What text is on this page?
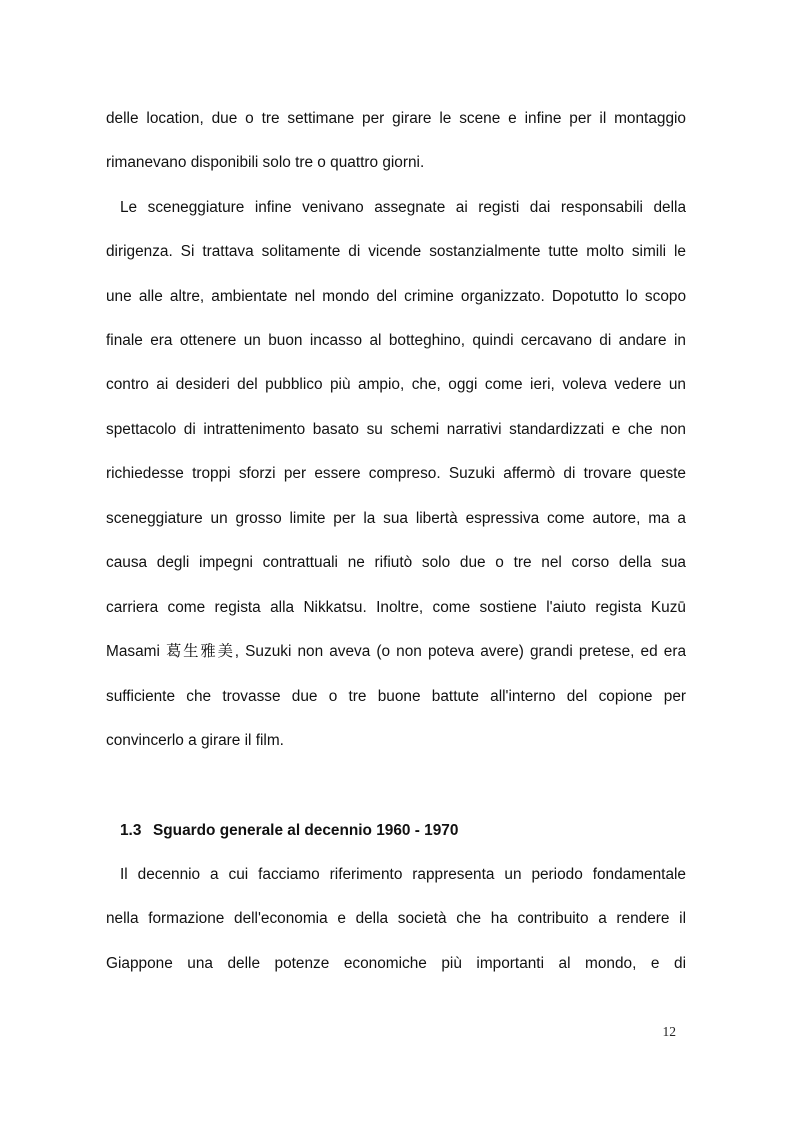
delle location, due o tre settimane per girare le scene e infine per il montaggio
rimanevano disponibili solo tre o quattro giorni.
Le sceneggiature infine venivano assegnate ai registi dai responsabili della
dirigenza. Si trattava solitamente di vicende sostanzialmente tutte molto simili le
une alle altre, ambientate nel mondo del crimine organizzato. Dopotutto lo scopo
finale era ottenere un buon incasso al botteghino, quindi cercavano di andare in
contro ai desideri del pubblico più ampio, che, oggi come ieri, voleva vedere un
spettacolo di intrattenimento basato su schemi narrativi standardizzati e che non
richiedesse troppi sforzi per essere compreso. Suzuki affermò di trovare queste
sceneggiature un grosso limite per la sua libertà espressiva come autore, ma a
causa degli impegni contrattuali ne rifiutò solo due o tre nel corso della sua
carriera come regista alla Nikkatsu. Inoltre, come sostiene l'aiuto regista Kuzū
Masami 葛生雅美, Suzuki non aveva (o non poteva avere) grandi pretese, ed era
sufficiente che trovasse due o tre buone battute all'interno del copione per
convincerlo a girare il film.
1.3 Sguardo generale al decennio 1960 - 1970
Il decennio a cui facciamo riferimento rappresenta un periodo fondamentale
nella formazione dell'economia e della società che ha contribuito a rendere il
Giappone una delle potenze economiche più importanti al mondo, e di
12
